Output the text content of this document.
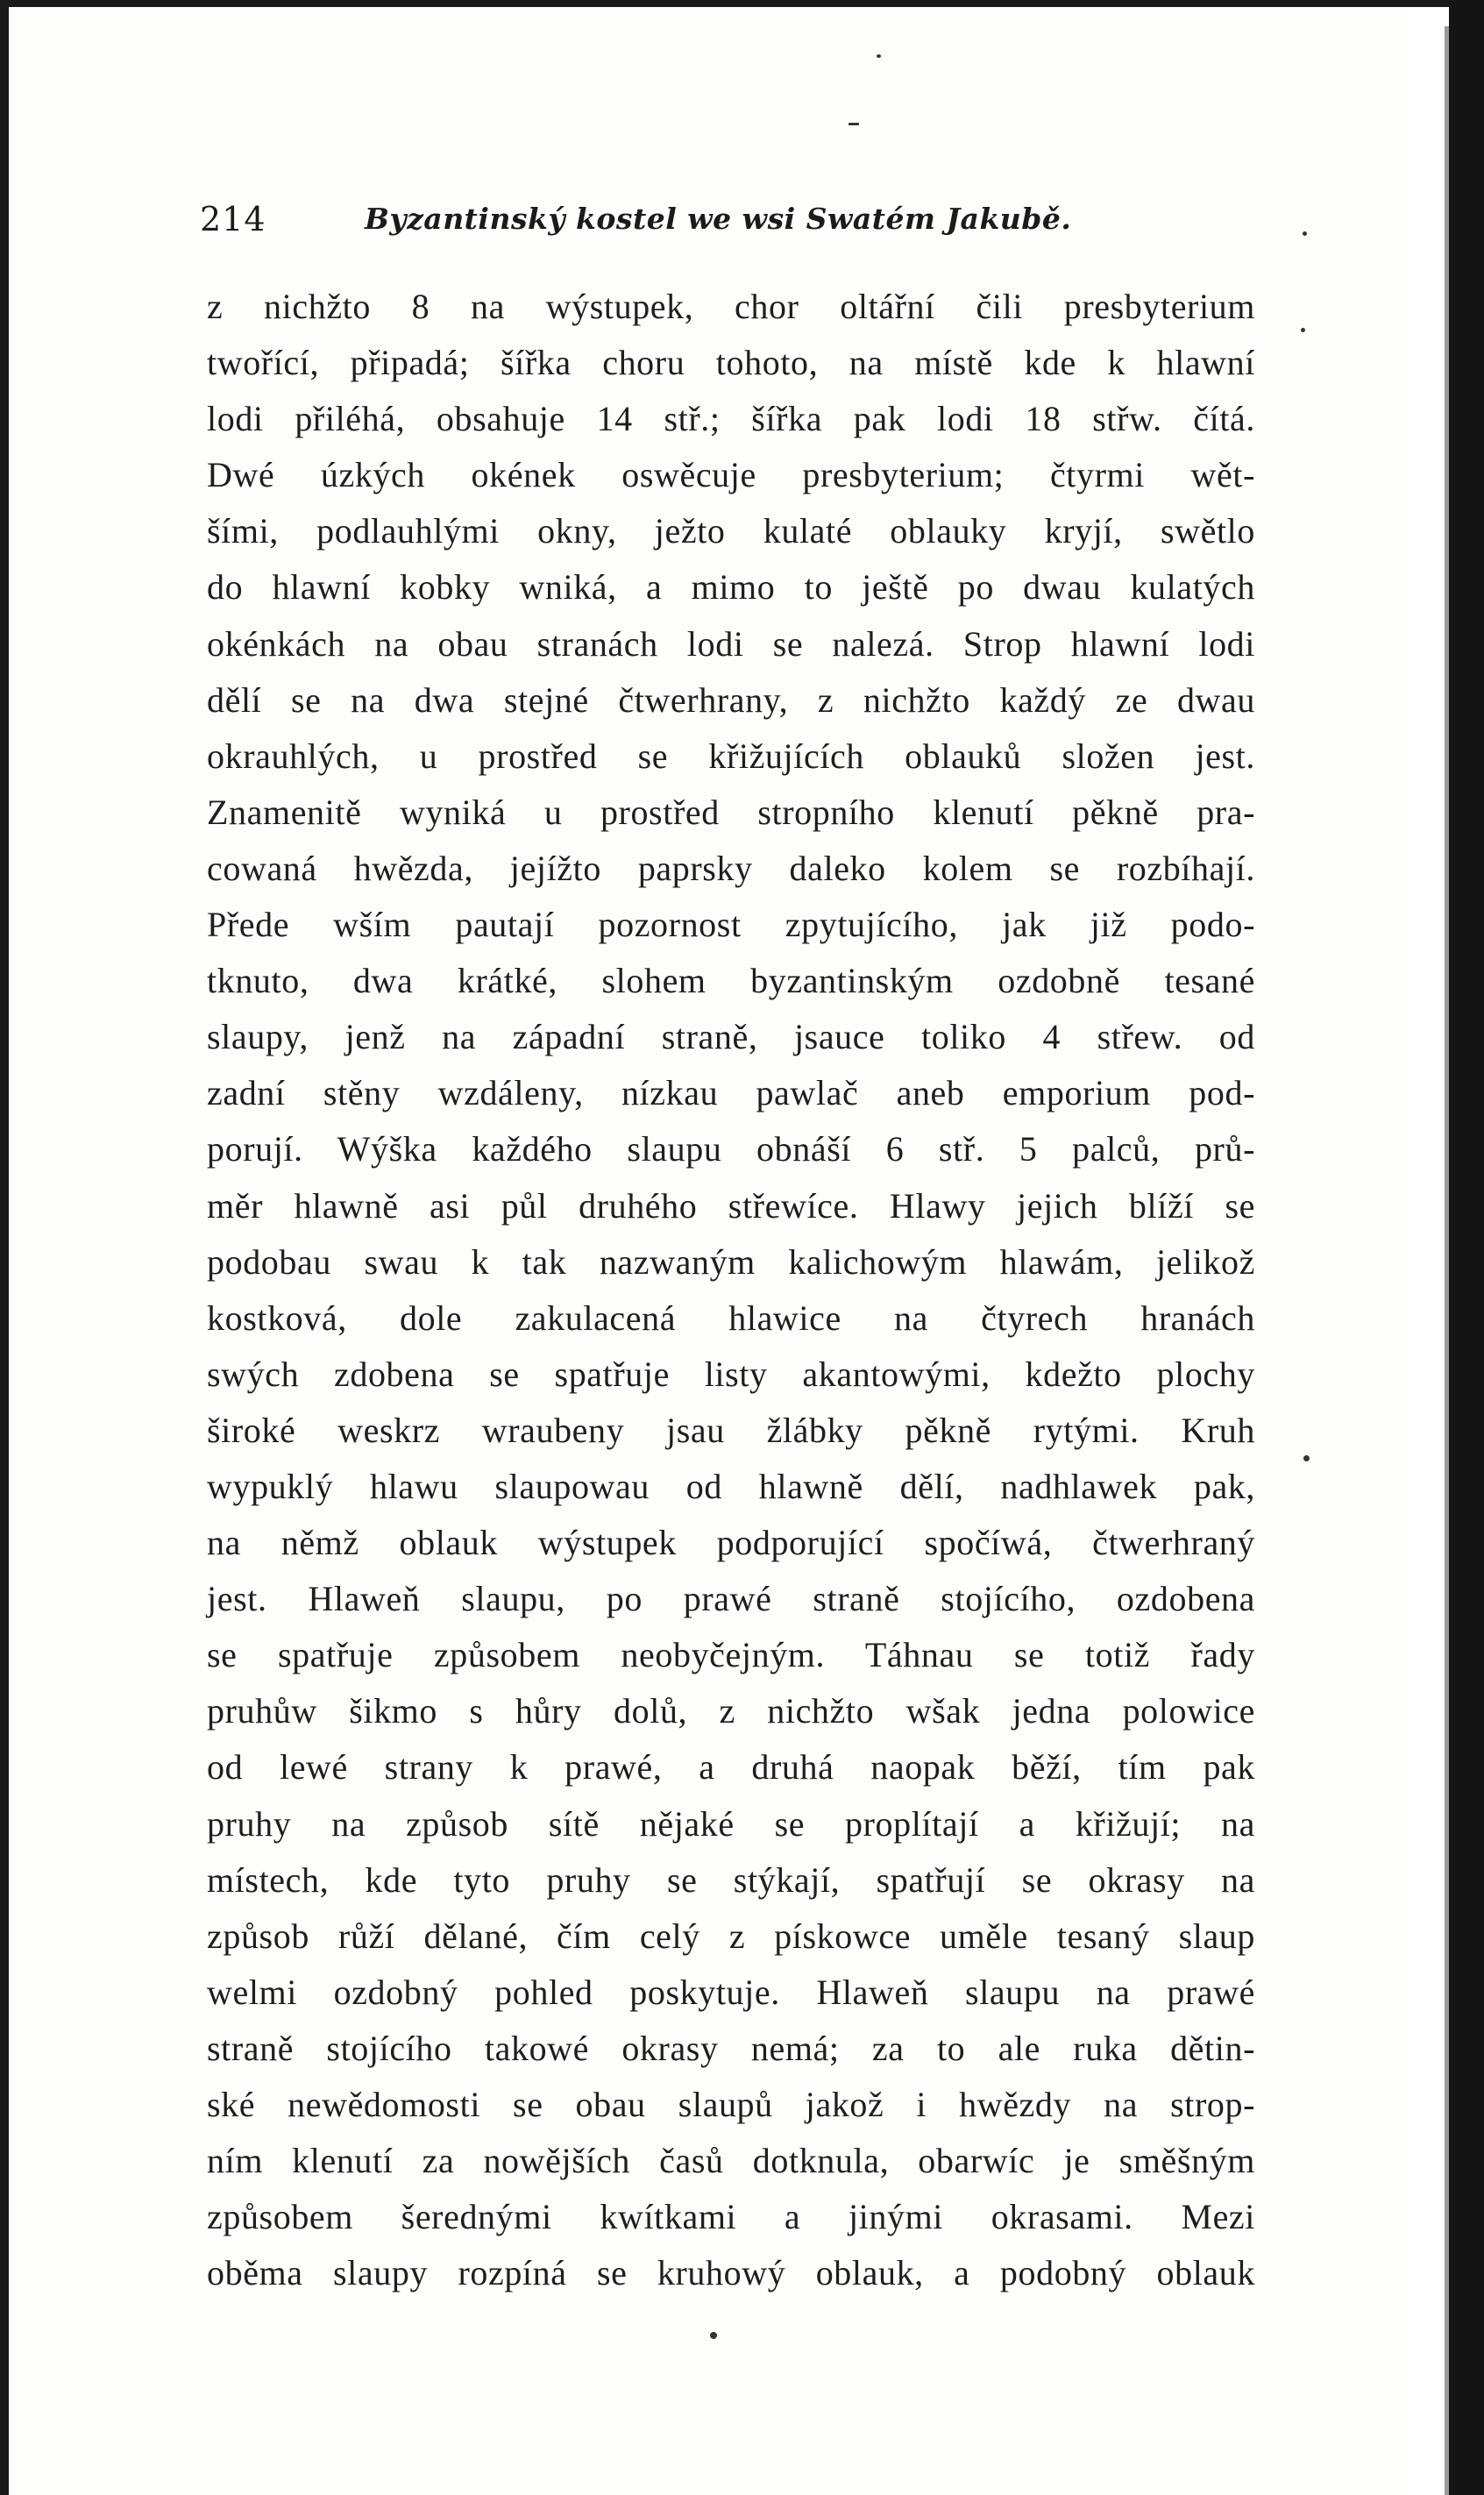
214	Byzantinský kostel we wsi Swatém Jakubě.
z nichžto 8 na wýstupek, chor oltářní čili presbyterium
twořící, připadá; šířka choru tohoto, na místě kde k hlawní
lodi přiléhá, obsahuje 14 stř.; šířka pak lodi 18 střw. čítá.
Dwé úzkých okének oswěcuje presbyterium; čtyrmi wět-
šími, podlauhlými okny, ježto kulaté oblauky kryjí, swětlo
do hlawní kobky wniká, a mimo to ještě po dwau kulatých
okénkách na obau stranách lodi se nalezá. Strop hlawní lodi
dělí se na dwa stejné čtwerhrany, z nichžto každý ze dwau
okrauhlých, u prostřed se křižujících oblauků složen jest.
Znamenitě wyniká u prostřed stropního klenutí pěkně pra-
cowaná hwězda, jejížto paprsky daleko kolem se rozbíhají.
Přede wším pautají pozornost zpytujícího, jak již podo-
tknuto, dwa krátké, slohem byzantinským ozdobně tesané
slaupy, jenž na západní straně, jsauce toliko 4 střew. od
zadní stěny wzdáleny, nízkau pawlač aneb emporium pod-
porují. Wýška každého slaupu obnáší 6 stř. 5 palců, prů-
měr hlawně asi půl druhého střewíce. Hlawy jejich blíží se
podobau swau k tak nazwaným kalichowým hlawám, jelikož
kostková, dole zakulacená hlawice na čtyrech hranách
swých zdobena se spatřuje listy akantowými, kdežto plochy
široké weskrz wraubeny jsau žlábky pěkně rytými. Kruh
wypuklý hlawu slaupowau od hlawně dělí, nadhlawek pak,
na němž oblauk wýstupek podporující spočíwá, čtwerhraný
jest. Hlaweň slaupu, po prawé straně stojícího, ozdobena
se spatřuje způsobem neobyčejným. Táhnau se totiž řady
pruhůw šikmo s hůry dolů, z nichžto wšak jedna polowice
od lewé strany k prawé, a druhá naopak běží, tím pak
pruhy na způsob sítě nějaké se proplítají a křižují; na
místech, kde tyto pruhy se stýkají, spatřují se okrasy na
způsob růží dělané, čím celý z pískowce uměle tesaný slaup
welmi ozdobný pohled poskytuje. Hlaweň slaupu na prawé
straně stojícího takowé okrasy nemá; za to ale ruka dětin-
ské newědomosti se obau slaupů jakož i hwězdy na strop-
ním klenutí za nowějších časů dotknula, obarwíc je směšným
způsobem šerednými kwítkami a jinými okrasami. Mezi
oběma slaupy rozpíná se kruhowý oblauk, a podobný oblauk
